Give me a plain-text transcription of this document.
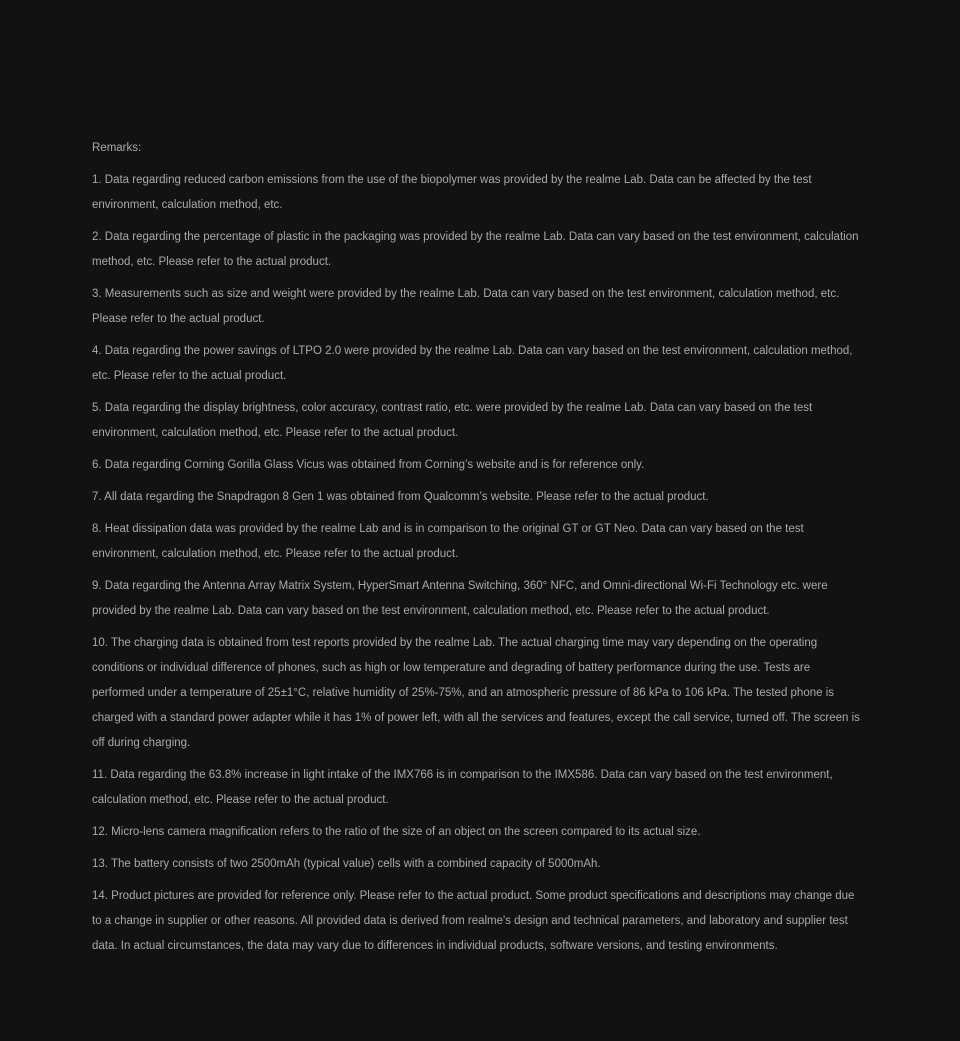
Remarks:

1. Data regarding reduced carbon emissions from the use of the biopolymer was provided by the realme Lab. Data can be affected by the test environment, calculation method, etc.
2. Data regarding the percentage of plastic in the packaging was provided by the realme Lab. Data can vary based on the test environment, calculation method, etc. Please refer to the actual product.
3. Measurements such as size and weight were provided by the realme Lab. Data can vary based on the test environment, calculation method, etc. Please refer to the actual product.
4. Data regarding the power savings of LTPO 2.0 were provided by the realme Lab. Data can vary based on the test environment, calculation method, etc. Please refer to the actual product.
5. Data regarding the display brightness, color accuracy, contrast ratio, etc. were provided by the realme Lab. Data can vary based on the test environment, calculation method, etc. Please refer to the actual product.
6. Data regarding Corning Gorilla Glass Vicus was obtained from Corning’s website and is for reference only.
7. All data regarding the Snapdragon 8 Gen 1 was obtained from Qualcomm’s website. Please refer to the actual product.
8. Heat dissipation data was provided by the realme Lab and is in comparison to the original GT or GT Neo. Data can vary based on the test environment, calculation method, etc. Please refer to the actual product.
9. Data regarding the Antenna Array Matrix System, HyperSmart Antenna Switching, 360° NFC, and Omni-directional Wi-Fi Technology etc. were provided by the realme Lab. Data can vary based on the test environment, calculation method, etc. Please refer to the actual product.
10. The charging data is obtained from test reports provided by the realme Lab. The actual charging time may vary depending on the operating conditions or individual difference of phones, such as high or low temperature and degrading of battery performance during the use. Tests are performed under a temperature of 25±1°C, relative humidity of 25%-75%, and an atmospheric pressure of 86 kPa to 106 kPa. The tested phone is charged with a standard power adapter while it has 1% of power left, with all the services and features, except the call service, turned off. The screen is off during charging.
11. Data regarding the 63.8% increase in light intake of the IMX766 is in comparison to the IMX586. Data can vary based on the test environment, calculation method, etc. Please refer to the actual product.
12. Micro-lens camera magnification refers to the ratio of the size of an object on the screen compared to its actual size.
13. The battery consists of two 2500mAh (typical value) cells with a combined capacity of 5000mAh.
14. Product pictures are provided for reference only. Please refer to the actual product. Some product specifications and descriptions may change due to a change in supplier or other reasons. All provided data is derived from realme's design and technical parameters, and laboratory and supplier test data. In actual circumstances, the data may vary due to differences in individual products, software versions, and testing environments.
